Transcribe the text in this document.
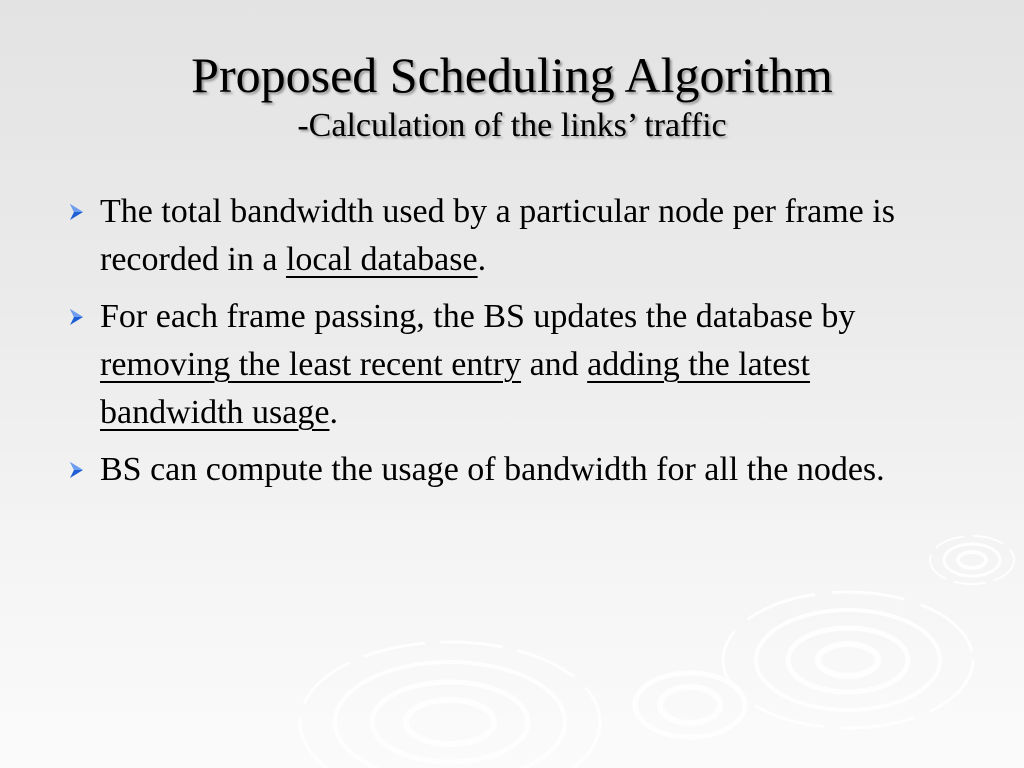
Proposed Scheduling Algorithm
-Calculation of the links’ traffic
The total bandwidth used by a particular node per frame is recorded in a local database.
For each frame passing, the BS updates the database by removing the least recent entry and adding the latest bandwidth usage.
BS can compute the usage of bandwidth for all the nodes.
